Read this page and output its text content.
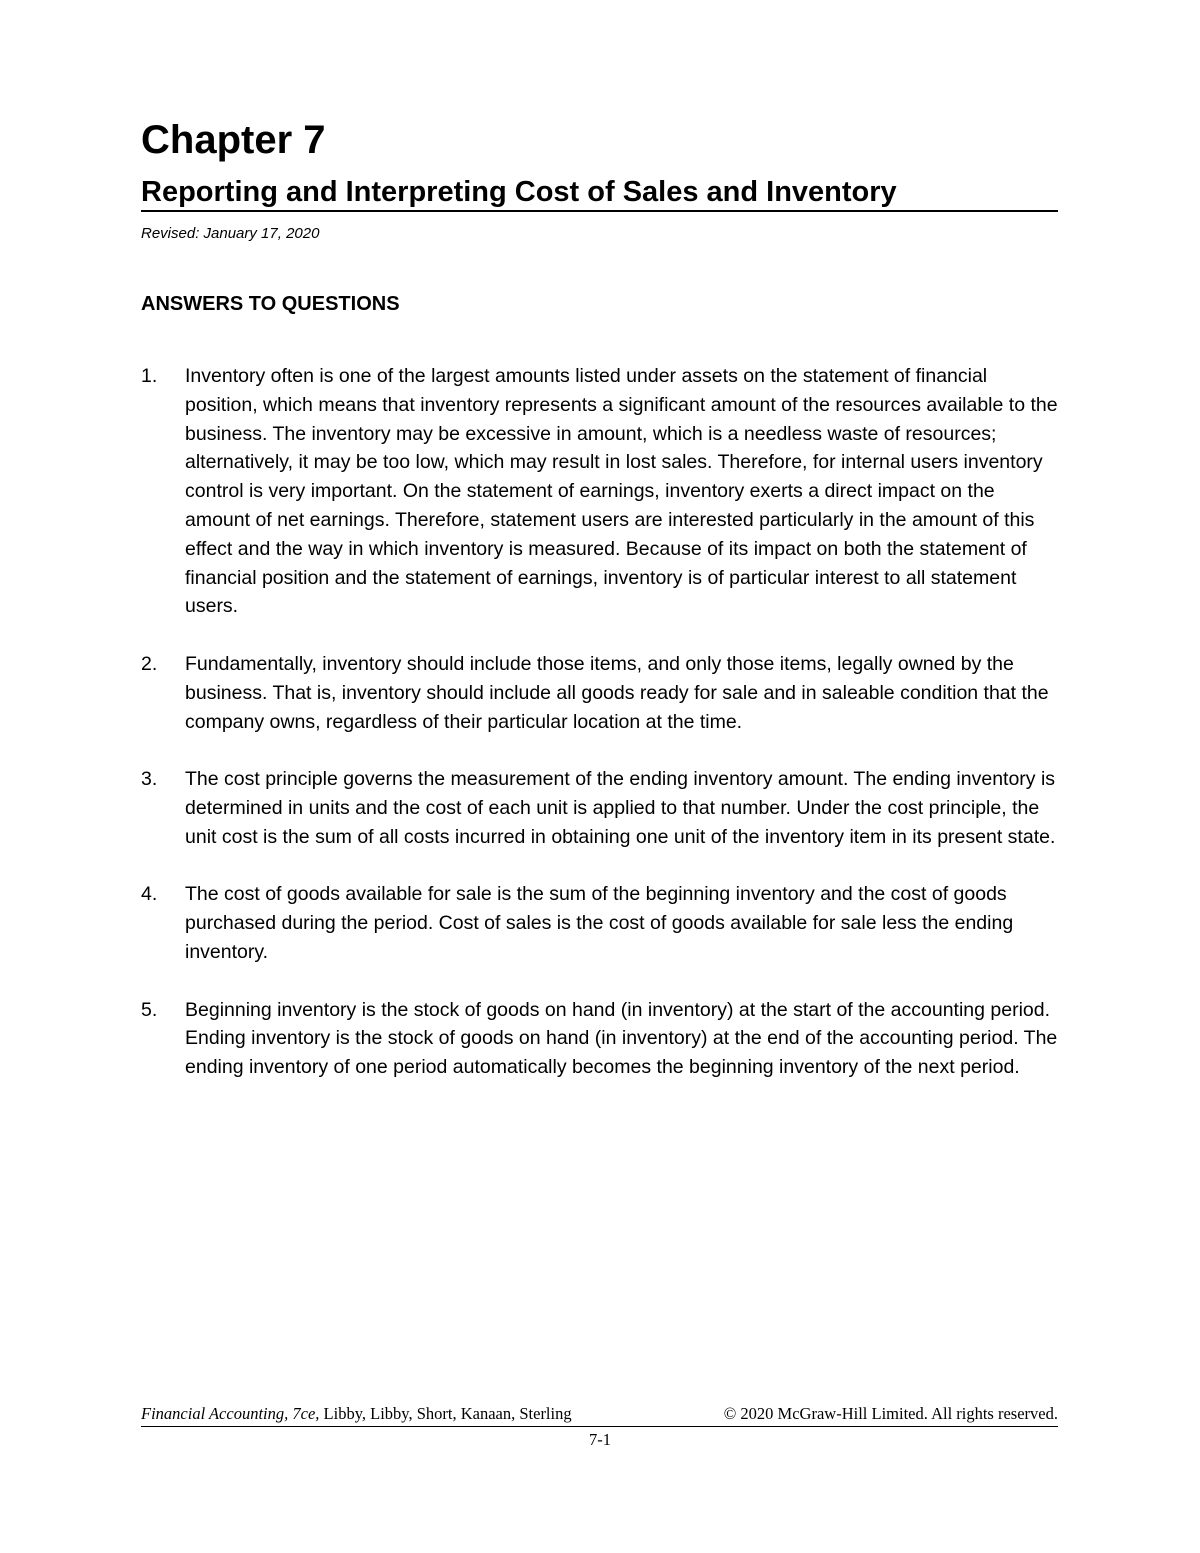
Chapter 7
Reporting and Interpreting Cost of Sales and Inventory

Revised: January 17, 2020

ANSWERS TO QUESTIONS
1.	Inventory often is one of the largest amounts listed under assets on the statement of financial position, which means that inventory represents a significant amount of the resources available to the business. The inventory may be excessive in amount, which is a needless waste of resources; alternatively, it may be too low, which may result in lost sales. Therefore, for internal users inventory control is very important. On the statement of earnings, inventory exerts a direct impact on the amount of net earnings. Therefore, statement users are interested particularly in the amount of this effect and the way in which inventory is measured. Because of its impact on both the statement of financial position and the statement of earnings, inventory is of particular interest to all statement users.
2.	Fundamentally, inventory should include those items, and only those items, legally owned by the business. That is, inventory should include all goods ready for sale and in saleable condition that the company owns, regardless of their particular location at the time.
3.	The cost principle governs the measurement of the ending inventory amount. The ending inventory is determined in units and the cost of each unit is applied to that number. Under the cost principle, the unit cost is the sum of all costs incurred in obtaining one unit of the inventory item in its present state.
4.	The cost of goods available for sale is the sum of the beginning inventory and the cost of goods purchased during the period. Cost of sales is the cost of goods available for sale less the ending inventory.
5.	Beginning inventory is the stock of goods on hand (in inventory) at the start of the accounting period. Ending inventory is the stock of goods on hand (in inventory) at the end of the accounting period. The ending inventory of one period automatically becomes the beginning inventory of the next period.
Financial Accounting, 7ce, Libby, Libby, Short, Kanaan, Sterling	© 2020 McGraw-Hill Limited. All rights reserved.
7-1
